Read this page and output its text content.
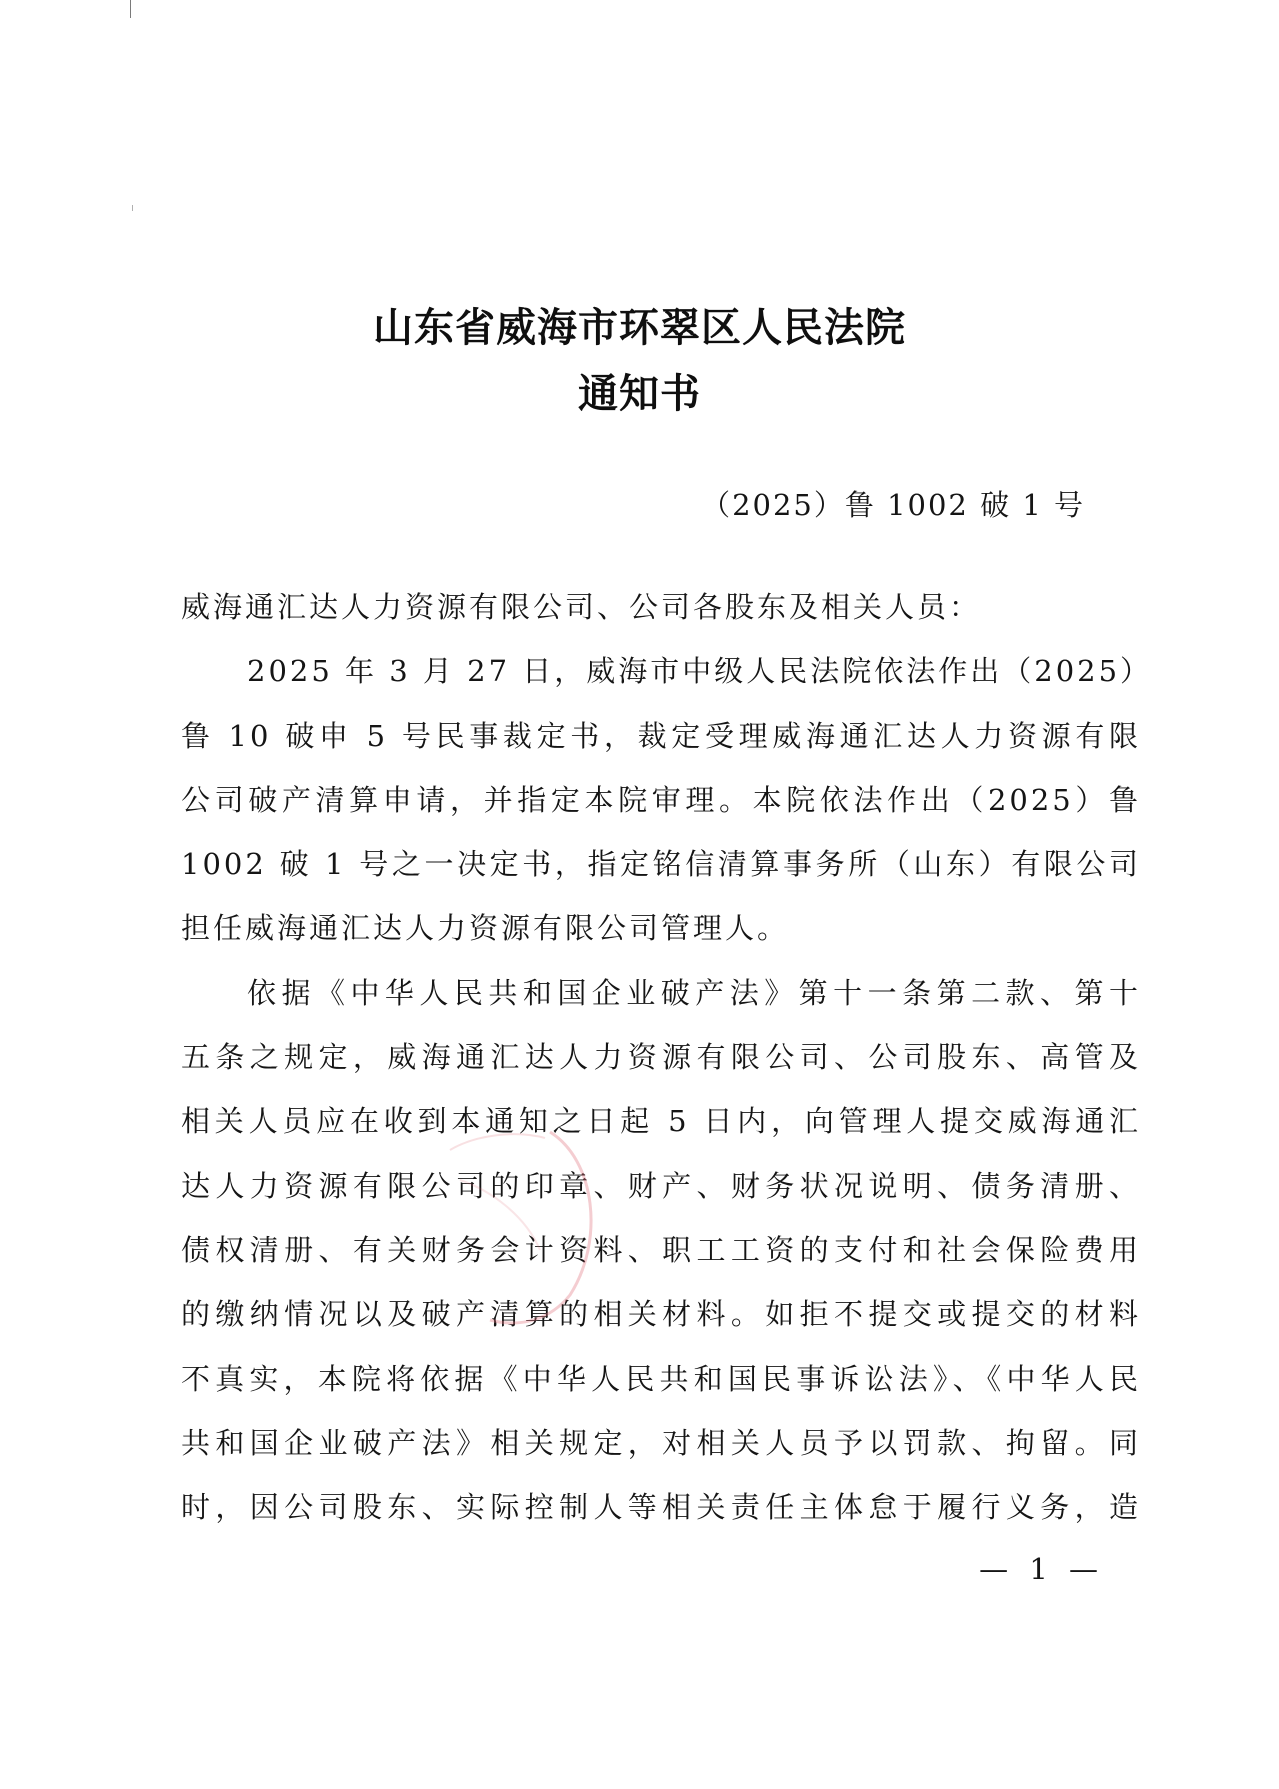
山东省威海市环翠区人民法院
通知书
（2025）鲁 1002 破 1 号
威海通汇达人力资源有限公司、公司各股东及相关人员：
2025 年 3 月 27 日，威海市中级人民法院依法作出（2025）
鲁 10 破申 5 号民事裁定书，裁定受理威海通汇达人力资源有限
公司破产清算申请，并指定本院审理。本院依法作出（2025）鲁
1002 破 1 号之一决定书，指定铭信清算事务所（山东）有限公司
担任威海通汇达人力资源有限公司管理人。
依据《中华人民共和国企业破产法》第十一条第二款、第十
五条之规定，威海通汇达人力资源有限公司、公司股东、高管及
相关人员应在收到本通知之日起 5 日内，向管理人提交威海通汇
达人力资源有限公司的印章、财产、财务状况说明、债务清册、
债权清册、有关财务会计资料、职工工资的支付和社会保险费用
的缴纳情况以及破产清算的相关材料。如拒不提交或提交的材料
不真实，本院将依据《中华人民共和国民事诉讼法》、《中华人民
共和国企业破产法》相关规定，对相关人员予以罚款、拘留。同
时，因公司股东、实际控制人等相关责任主体怠于履行义务，造
— 1 —
